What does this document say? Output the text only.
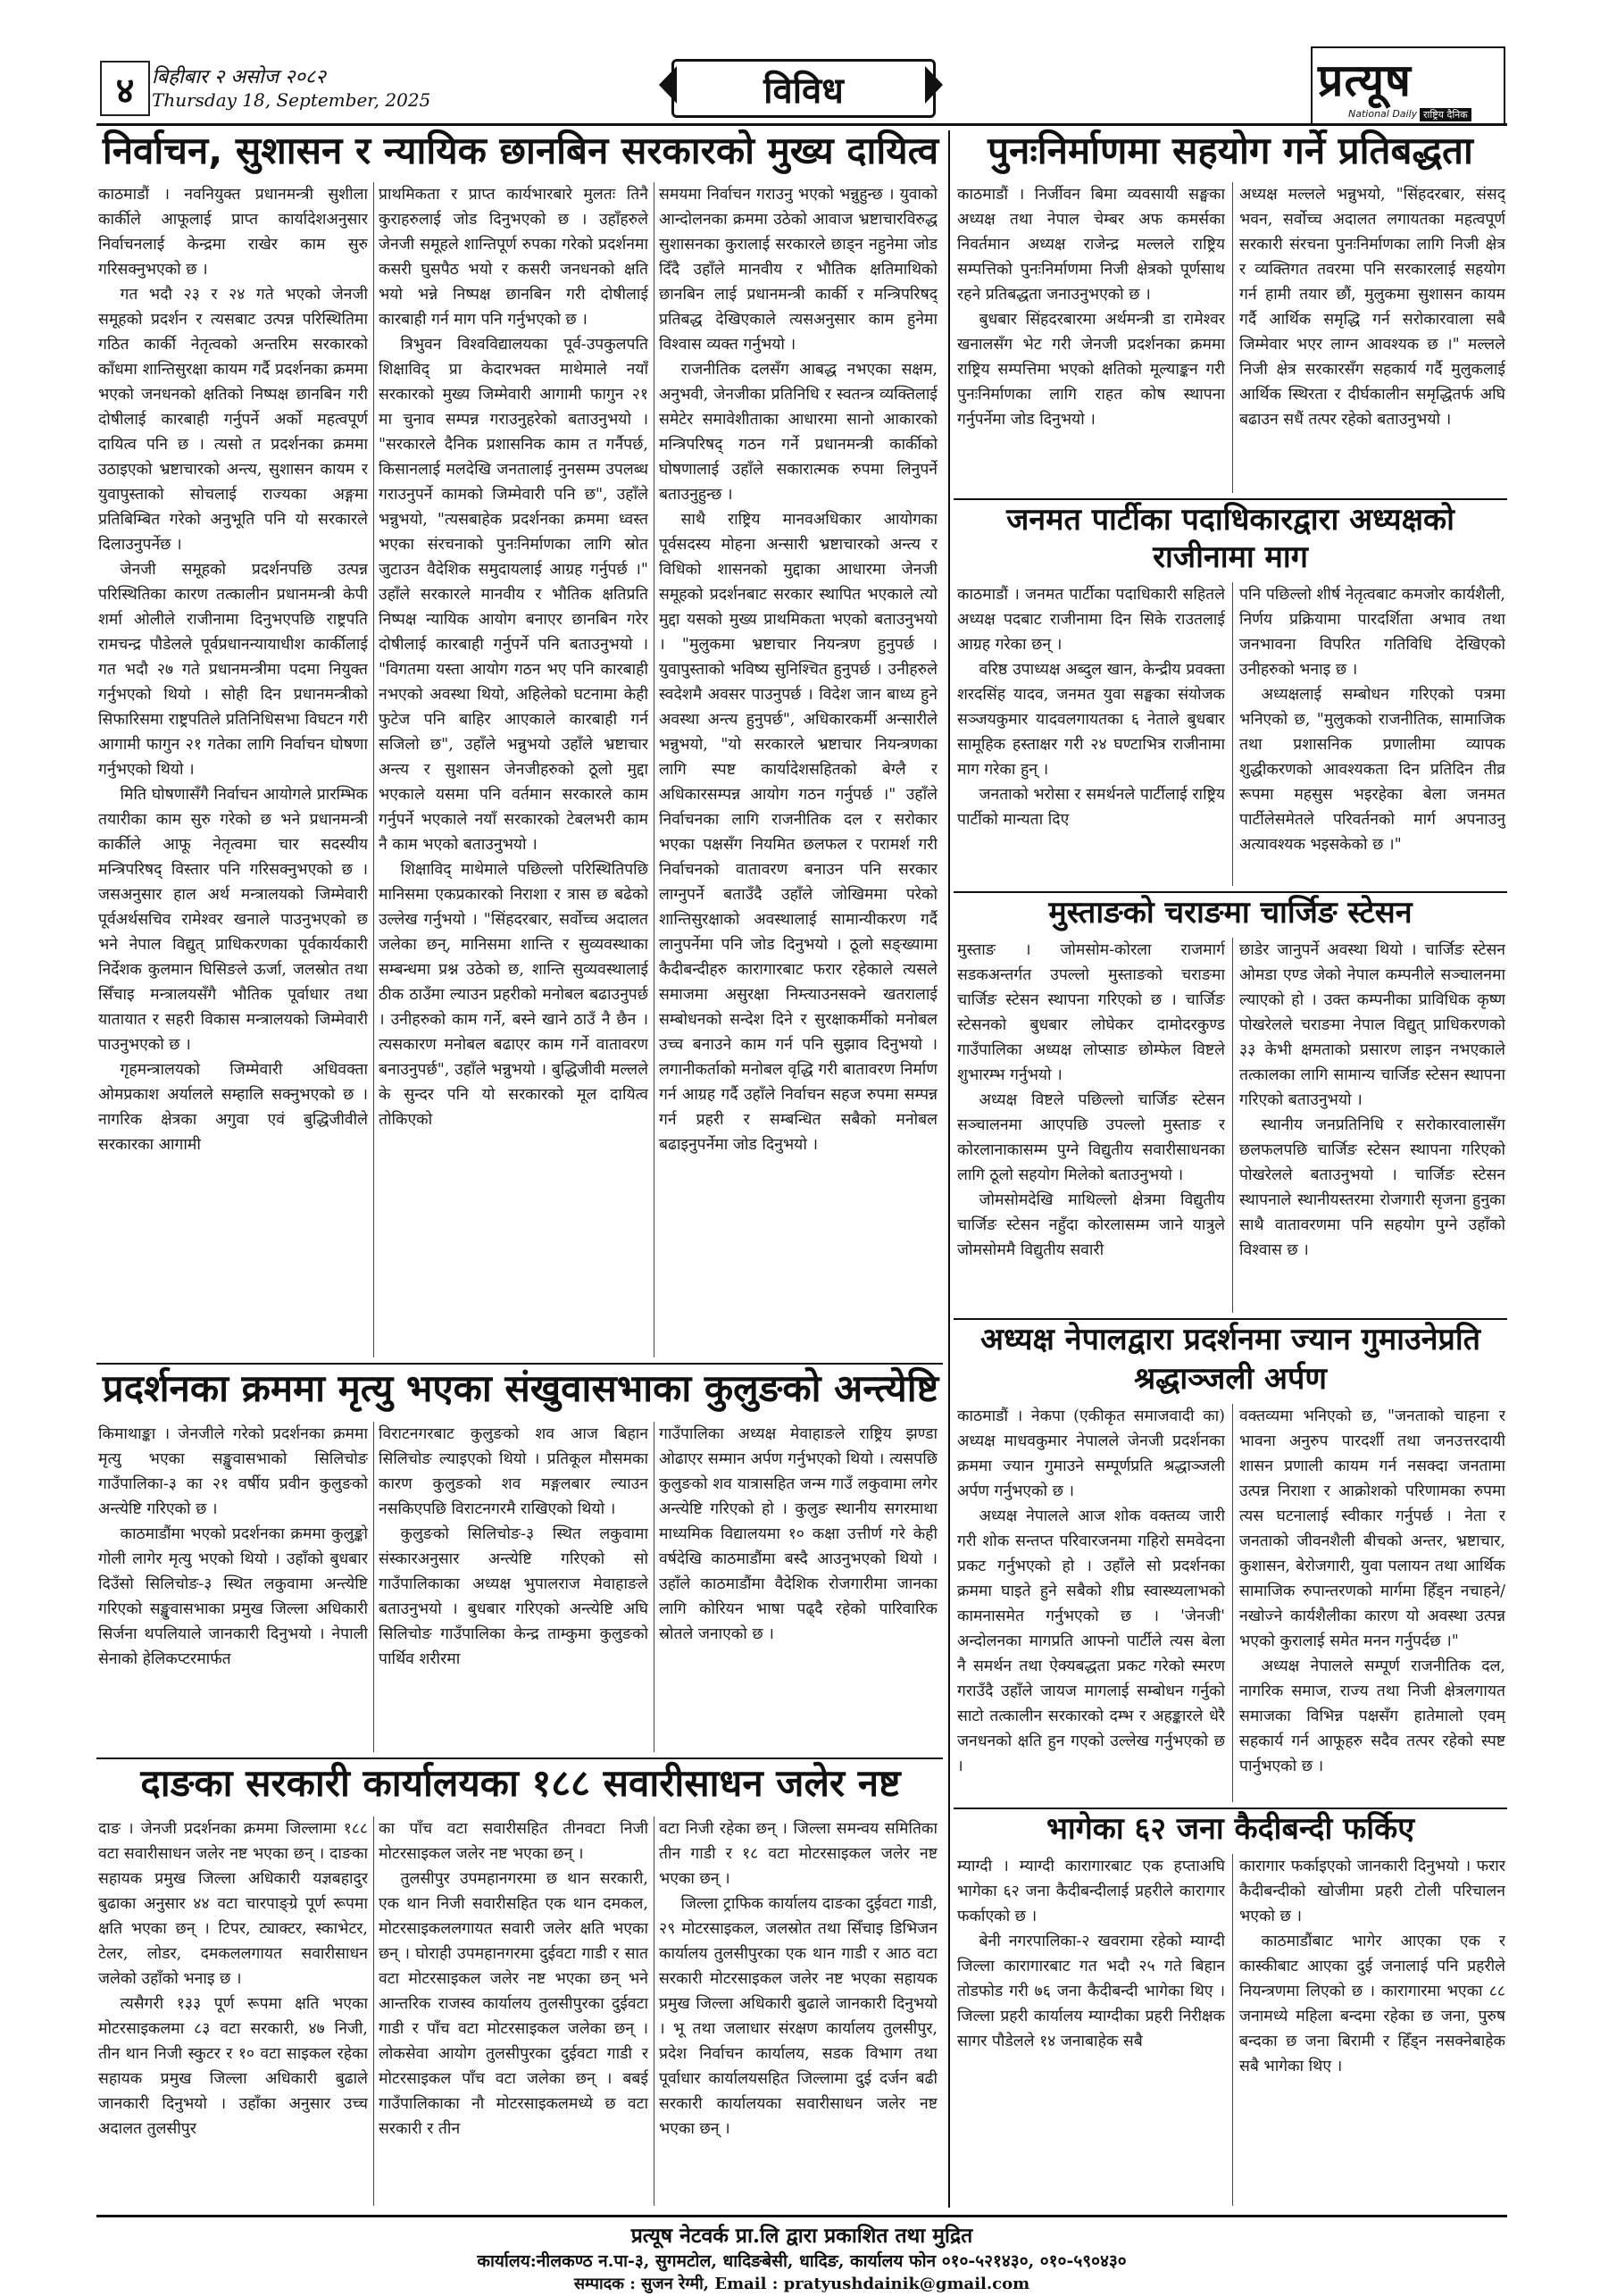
४ बिहीबार २ असोज २०८२
Thursday 18, September, 2025	विविध	प्रत्यूष
National Daily राष्ट्रिय दैनिक
निर्वाचन, सुशासन र न्यायिक छानबिन सरकारको मुख्य दायित्व

काठमाडौं । नवनियुक्त प्रधानमन्त्री सुशीला कार्कीले आफूलाई प्राप्त कार्यादेशअनुसार निर्वाचनलाई केन्द्रमा राखेर काम सुरु गरिसक्नुभएको छ ।

गत भदौ २३ र २४ गते भएको जेनजी समूहको प्रदर्शन र त्यसबाट उत्पन्न परिस्थितिमा गठित कार्की नेतृत्वको अन्तरिम सरकारको काँधमा शान्तिसुरक्षा कायम गर्दै प्रदर्शनका क्रममा भएको जनधनको क्षतिको निष्पक्ष छानबिन गरी दोषीलाई कारबाही गर्नुपर्ने अर्को महत्वपूर्ण दायित्व पनि छ । त्यसो त प्रदर्शनका क्रममा उठाइएको भ्रष्टाचारको अन्त्य, सुशासन कायम र युवापुस्ताको सोचलाई राज्यका अङ्गमा प्रतिबिम्बित गरेको अनुभूति पनि यो सरकारले दिलाउनुपर्नेछ ।

जेनजी समूहको प्रदर्शनपछि उत्पन्न परिस्थितिका कारण तत्कालीन प्रधानमन्त्री केपी शर्मा ओलीले राजीनामा दिनुभएपछि राष्ट्रपति रामचन्द्र पौडेलले पूर्वप्रधानन्यायाधीश कार्कीलाई गत भदौ २७ गते प्रधानमन्त्रीमा पदमा नियुक्त गर्नुभएको थियो । सोही दिन प्रधानमन्त्रीको सिफारिसमा राष्ट्रपतिले प्रतिनिधिसभा विघटन गरी आगामी फागुन २१ गतेका लागि निर्वाचन घोषणा गर्नुभएको थियो ।

मिति घोषणासँगै निर्वाचन आयोगले प्रारम्भिक तयारीका काम सुरु गरेको छ भने प्रधानमन्त्री कार्कीले आफू नेतृत्वमा चार सदस्यीय मन्त्रिपरिषद् विस्तार पनि गरिसक्नुभएको छ । जसअनुसार हाल अर्थ मन्त्रालयको जिम्मेवारी पूर्वअर्थसचिव रामेश्वर खनाले पाउनुभएको छ भने नेपाल विद्युत् प्राधिकरणका पूर्वकार्यकारी निर्देशक कुलमान घिसिङले ऊर्जा, जलस्रोत तथा सिँचाइ मन्त्रालयसँगै भौतिक पूर्वाधार तथा यातायात र सहरी विकास मन्त्रालयको जिम्मेवारी पाउनुभएको छ ।

गृहमन्त्रालयको जिम्मेवारी अधिवक्ता ओमप्रकाश अर्यालले सम्हालि सक्नुभएको छ । नागरिक क्षेत्रका अगुवा एवं बुद्धिजीवीले सरकारका आगामी

प्राथमिकता र प्राप्त कार्यभारबारे मुलतः तिनै कुराहरुलाई जोड दिनुभएको छ । उहाँहरुले जेनजी समूहले शान्तिपूर्ण रुपका गरेको प्रदर्शनमा कसरी घुसपैठ भयो र कसरी जनधनको क्षति भयो भन्ने निष्पक्ष छानबिन गरी दोषीलाई कारबाही गर्न माग पनि गर्नुभएको छ ।

त्रिभुवन विश्वविद्यालयका पूर्व-उपकुलपति शिक्षाविद् प्रा केदारभक्त माथेमाले नयाँ सरकारको मुख्य जिम्मेवारी आगामी फागुन २१ मा चुनाव सम्पन्न गराउनुहरेको बताउनुभयो । "सरकारले दैनिक प्रशासनिक काम त गर्नैपर्छ, किसानलाई मलदेखि जनतालाई नुनसम्म उपलब्ध गराउनुपर्ने कामको जिम्मेवारी पनि छ", उहाँले भन्नुभयो, "त्यसबाहेक प्रदर्शनका क्रममा ध्वस्त भएका संरचनाको पुनःनिर्माणका लागि स्रोत जुटाउन वैदेशिक समुदायलाई आग्रह गर्नुपर्छ ।" उहाँले सरकारले मानवीय र भौतिक क्षतिप्रति निष्पक्ष न्यायिक आयोग बनाएर छानबिन गरेर दोषीलाई कारबाही गर्नुपर्ने पनि बताउनुभयो । "विगतमा यस्ता आयोग गठन भए पनि कारबाही नभएको अवस्था थियो, अहिलेको घटनामा केही फुटेज पनि बाहिर आएकाले कारबाही गर्न सजिलो छ", उहाँले भन्नुभयो उहाँले भ्रष्टाचार अन्त्य र सुशासन जेनजीहरुको ठूलो मुद्दा भएकाले यसमा पनि वर्तमान सरकारले काम गर्नुपर्ने भएकाले नयाँ सरकारको टेबलभरी काम नै काम भएको बताउनुभयो ।

शिक्षाविद् माथेमाले पछिल्लो परिस्थितिपछि मानिसमा एकप्रकारको निराशा र त्रास छ बढेको उल्लेख गर्नुभयो । "सिंहदरबार, सर्वोच्च अदालत जलेका छन्, मानिसमा शान्ति र सुव्यवस्थाका सम्बन्धमा प्रश्न उठेको छ, शान्ति सुव्यवस्थालाई ठीक ठाउँमा ल्याउन प्रहरीको मनोबल बढाउनुपर्छ । उनीहरुको काम गर्ने, बस्ने खाने ठाउँ नै छैन । त्यसकारण मनोबल बढाएर काम गर्ने वातावरण बनाउनुपर्छ", उहाँले भन्नुभयो । बुद्धिजीवी मल्लले के सुन्दर पनि यो सरकारको मूल दायित्व तोकिएको

समयमा निर्वाचन गराउनु भएको भन्नुहुन्छ । युवाको आन्दोलनका क्रममा उठेको आवाज भ्रष्टाचारविरुद्ध सुशासनका कुरालाई सरकारले छाड्न नहुनेमा जोड दिँदै उहाँले मानवीय र भौतिक क्षतिमाथिको छानबिन लाई प्रधानमन्त्री कार्की र मन्त्रिपरिषद् प्रतिबद्ध देखिएकाले त्यसअनुसार काम हुनेमा विश्वास व्यक्त गर्नुभयो ।

राजनीतिक दलसँग आबद्ध नभएका सक्षम, अनुभवी, जेनजीका प्रतिनिधि र स्वतन्त्र व्यक्तिलाई समेटेर समावेशीताका आधारमा सानो आकारको मन्त्रिपरिषद् गठन गर्ने प्रधानमन्त्री कार्कीको घोषणालाई उहाँले सकारात्मक रुपमा लिनुपर्ने बताउनुहुन्छ ।

साथै राष्ट्रिय मानवअधिकार आयोगका पूर्वसदस्य मोहना अन्सारी भ्रष्टाचारको अन्त्य र विधिको शासनको मुद्दाका आधारमा जेनजी समूहको प्रदर्शनबाट सरकार स्थापित भएकाले त्यो मुद्दा यसको मुख्य प्राथमिकता भएको बताउनुभयो । "मुलुकमा भ्रष्टाचार नियन्त्रण हुनुपर्छ । युवापुस्ताको भविष्य सुनिश्चित हुनुपर्छ । उनीहरुले स्वदेशमै अवसर पाउनुपर्छ । विदेश जान बाध्य हुने अवस्था अन्त्य हुनुपर्छ", अधिकारकर्मी अन्सारीले भन्नुभयो, "यो सरकारले भ्रष्टाचार नियन्त्रणका लागि स्पष्ट कार्यादेशसहितको बेग्लै र अधिकारसम्पन्न आयोग गठन गर्नुपर्छ ।" उहाँले निर्वाचनका लागि राजनीतिक दल र सरोकार भएका पक्षसँग नियमित छलफल र परामर्श गरी निर्वाचनको वातावरण बनाउन पनि सरकार लाग्नुपर्ने बताउँदै उहाँले जोखिममा परेको शान्तिसुरक्षाको अवस्थालाई सामान्यीकरण गर्दै लानुपर्नेमा पनि जोड दिनुभयो । ठूलो सङ्ख्यामा कैदीबन्दीहरु कारागारबाट फरार रहेकाले त्यसले समाजमा असुरक्षा निम्त्याउनसक्ने खतरालाई सम्बोधनको सन्देश दिने र सुरक्षाकर्मीको मनोबल उच्च बनाउने काम गर्न पनि सुझाव दिनुभयो । लगानीकर्ताको मनोबल वृद्धि गरी बातावरण निर्माण गर्न आग्रह गर्दै उहाँले निर्वाचन सहज रुपमा सम्पन्न गर्न प्रहरी र सम्बन्धित सबैको मनोबल बढाइनुपर्नेमा जोड दिनुभयो ।

प्रदर्शनका क्रममा मृत्यु भएका संखुवासभाका कुलुङको अन्त्येष्टि

किमाथाङ्का । जेनजीले गरेको प्रदर्शनका क्रममा मृत्यु भएका सङ्खुवासभाको सिलिचोङ गाउँपालिका-३ का २१ वर्षीय प्रवीन कुलुङको अन्त्येष्टि गरिएको छ ।

काठमाडौंमा भएको प्रदर्शनका क्रममा कुलुङ्को गोली लागेर मृत्यु भएको थियो । उहाँको बुधबार दिउँसो सिलिचोङ-३ स्थित लकुवामा अन्त्येष्टि गरिएको सङ्खुवासभाका प्रमुख जिल्ला अधिकारी सिर्जना थपलियाले जानकारी दिनुभयो । नेपाली सेनाको हेलिकप्टरमार्फत

विराटनगरबाट कुलुङको शव आज बिहान सिलिचोङ ल्याइएको थियो । प्रतिकूल मौसमका कारण कुलुङको शव मङ्गलबार ल्याउन नसकिएपछि विराटनगरमै राखिएको थियो ।

कुलुङको सिलिचोङ-३ स्थित लकुवामा संस्कारअनुसार अन्त्येष्टि गरिएको सो गाउँपालिकाका अध्यक्ष भुपालराज मेवाहाङले बताउनुभयो । बुधबार गरिएको अन्त्येष्टि अघि सिलिचोङ गाउँपालिका केन्द्र ताम्कुमा कुलुङको पार्थिव शरीरमा

गाउँपालिका अध्यक्ष मेवाहाङले राष्ट्रिय झण्डा ओढाएर सम्मान अर्पण गर्नुभएको थियो । त्यसपछि कुलुङको शव यात्रासहित जन्म गाउँ लकुवामा लगेर अन्त्येष्टि गरिएको हो । कुलुङ स्थानीय सगरमाथा माध्यमिक विद्यालयमा १० कक्षा उत्तीर्ण गरे केही वर्षदेखि काठमाडौंमा बस्दै आउनुभएको थियो । उहाँले काठमाडौंमा वैदेशिक रोजगारीमा जानका लागि कोरियन भाषा पढ्दै रहेको पारिवारिक स्रोतले जनाएको छ ।

दाङका सरकारी कार्यालयका १८८ सवारीसाधन जलेर नष्ट

दाङ । जेनजी प्रदर्शनका क्रममा जिल्लामा १८८ वटा सवारीसाधन जलेर नष्ट भएका छन् । दाङका सहायक प्रमुख जिल्ला अधिकारी यज्ञबहादुर बुढाका अनुसार ४४ वटा चारपाङ्ग्रे पूर्ण रूपमा क्षति भएका छन् । टिपर, ट्याक्टर, स्काभेटर, टेलर, लोडर, दमकललगायत सवारीसाधन जलेको उहाँको भनाइ छ ।

त्यसैगरी १३३ पूर्ण रूपमा क्षति भएका मोटरसाइकलमा ८३ वटा सरकारी, ४७ निजी, तीन थान निजी स्कुटर र १० वटा साइकल रहेका सहायक प्रमुख जिल्ला अधिकारी बुढाले जानकारी दिनुभयो । उहाँका अनुसार उच्च अदालत तुलसीपुर

का पाँच वटा सवारीसहित तीनवटा निजी मोटरसाइकल जलेर नष्ट भएका छन् ।

तुलसीपुर उपमहानगरमा छ थान सरकारी, एक थान निजी सवारीसहित एक थान दमकल, मोटरसाइकललगायत सवारी जलेर क्षति भएका छन् । घोराही उपमहानगरमा दुईवटा गाडी र सात वटा मोटरसाइकल जलेर नष्ट भएका छन् भने आन्तरिक राजस्व कार्यालय तुलसीपुरका दुईवटा गाडी र पाँच वटा मोटरसाइकल जलेका छन् । लोकसेवा आयोग तुलसीपुरका दुईवटा गाडी र मोटरसाइकल पाँच वटा जलेका छन् । बबई गाउँपालिकाका नौ मोटरसाइकलमध्ये छ वटा सरकारी र तीन

वटा निजी रहेका छन् । जिल्ला समन्वय समितिका तीन गाडी र १८ वटा मोटरसाइकल जलेर नष्ट भएका छन् ।

जिल्ला ट्राफिक कार्यालय दाङका दुईवटा गाडी, २९ मोटरसाइकल, जलस्रोत तथा सिँचाइ डिभिजन कार्यालय तुलसीपुरका एक थान गाडी र आठ वटा सरकारी मोटरसाइकल जलेर नष्ट भएका सहायक प्रमुख जिल्ला अधिकारी बुढाले जानकारी दिनुभयो । भू तथा जलाधार संरक्षण कार्यालय तुलसीपुर, प्रदेश निर्वाचन कार्यालय, सडक विभाग तथा पूर्वाधार कार्यालयसहित जिल्लामा दुई दर्जन बढी सरकारी कार्यालयका सवारीसाधन जलेर नष्ट भएका छन् ।

पुनःनिर्माणमा सहयोग गर्ने प्रतिबद्धता

काठमाडौं । निर्जीवन बिमा व्यवसायी सङ्घका अध्यक्ष तथा नेपाल चेम्बर अफ कमर्सका निवर्तमान अध्यक्ष राजेन्द्र मल्लले राष्ट्रिय सम्पत्तिको पुनःनिर्माणमा निजी क्षेत्रको पूर्णसाथ रहने प्रतिबद्धता जनाउनुभएको छ ।

बुधबार सिंहदरबारमा अर्थमन्त्री डा रामेश्वर खनालसँग भेट गरी जेनजी प्रदर्शनका क्रममा राष्ट्रिय सम्पत्तिमा भएको क्षतिको मूल्याङ्कन गरी पुनःनिर्माणका लागि राहत कोष स्थापना गर्नुपर्नेमा जोड दिनुभयो ।

अध्यक्ष मल्लले भन्नुभयो, "सिंहदरबार, संसद् भवन, सर्वोच्च अदालत लगायतका महत्वपूर्ण सरकारी संरचना पुनःनिर्माणका लागि निजी क्षेत्र र व्यक्तिगत तवरमा पनि सरकारलाई सहयोग गर्न हामी तयार छौं, मुलुकमा सुशासन कायम गर्दै आर्थिक समृद्धि गर्न सरोकारवाला सबै जिम्मेवार भएर लाग्न आवश्यक छ ।" मल्लले निजी क्षेत्र सरकारसँग सहकार्य गर्दै मुलुकलाई आर्थिक स्थिरता र दीर्घकालीन समृद्धितर्फ अघि बढाउन सधैं तत्पर रहेको बताउनुभयो ।

जनमत पार्टीका पदाधिकारद्वारा अध्यक्षको
राजीनामा माग

काठमाडौं । जनमत पार्टीका पदाधिकारी सहितले अध्यक्ष पदबाट राजीनामा दिन सिके राउतलाई आग्रह गरेका छन् ।

वरिष्ठ उपाध्यक्ष अब्दुल खान, केन्द्रीय प्रवक्ता शरदसिंह यादव, जनमत युवा सङ्घका संयोजक सञ्जयकुमार यादवलगायतका ६ नेताले बुधबार सामूहिक हस्ताक्षर गरी २४ घण्टाभित्र राजीनामा माग गरेका हुन् ।

जनताको भरोसा र समर्थनले पार्टीलाई राष्ट्रिय पार्टीको मान्यता दिए

पनि पछिल्लो शीर्ष नेतृत्वबाट कमजोर कार्यशैली, निर्णय प्रक्रियामा पारदर्शिता अभाव तथा जनभावना विपरित गतिविधि देखिएको उनीहरुको भनाइ छ ।

अध्यक्षलाई सम्बोधन गरिएको पत्रमा भनिएको छ, "मुलुकको राजनीतिक, सामाजिक तथा प्रशासनिक प्रणालीमा व्यापक शुद्धीकरणको आवश्यकता दिन प्रतिदिन तीव्र रूपमा महसुस भइरहेका बेला जनमत पार्टीलेसमेतले परिवर्तनको मार्ग अपनाउनु अत्यावश्यक भइसकेको छ ।"

मुस्ताङको चराङमा चार्जिङ स्टेसन

मुस्ताङ । जोमसोम-कोरला राजमार्ग सडकअन्तर्गत उपल्लो मुस्ताङको चराङमा चार्जिङ स्टेसन स्थापना गरिएको छ । चार्जिङ स्टेसनको बुधबार लोघेकर दामोदरकुण्ड गाउँपालिका अध्यक्ष लोप्साङ छोम्फेल विष्टले शुभारम्भ गर्नुभयो ।

अध्यक्ष विष्टले पछिल्लो चार्जिङ स्टेसन सञ्चालनमा आएपछि उपल्लो मुस्ताङ र कोरलानाकासम्म पुग्ने विद्युतीय सवारीसाधनका लागि ठूलो सहयोग मिलेको बताउनुभयो ।

जोमसोमदेखि माथिल्लो क्षेत्रमा विद्युतीय चार्जिङ स्टेसन नहुँदा कोरलासम्म जाने यात्रुले जोमसोममै विद्युतीय सवारी

छाडेर जानुपर्ने अवस्था थियो । चार्जिङ स्टेसन ओमडा एण्ड जेको नेपाल कम्पनीले सञ्चालनमा ल्याएको हो । उक्त कम्पनीका प्राविधिक कृष्ण पोखरेलले चराङमा नेपाल विद्युत् प्राधिकरणको ३३ केभी क्षमताको प्रसारण लाइन नभएकाले तत्कालका लागि सामान्य चार्जिङ स्टेसन स्थापना गरिएको बताउनुभयो ।

स्थानीय जनप्रतिनिधि र सरोकारवालासँग छलफलपछि चार्जिङ स्टेसन स्थापना गरिएको पोखरेलले बताउनुभयो । चार्जिङ स्टेसन स्थापनाले स्थानीयस्तरमा रोजगारी सृजना हुनुका साथै वातावरणमा पनि सहयोग पुग्ने उहाँको विश्वास छ ।

अध्यक्ष नेपालद्वारा प्रदर्शनमा ज्यान गुमाउनेप्रति
श्रद्धाञ्जली अर्पण

काठमाडौं । नेकपा (एकीकृत समाजवादी का) अध्यक्ष माधवकुमार नेपालले जेनजी प्रदर्शनका क्रममा ज्यान गुमाउने सम्पूर्णप्रति श्रद्धाञ्जली अर्पण गर्नुभएको छ ।

अध्यक्ष नेपालले आज शोक वक्तव्य जारी गरी शोक सन्तप्त परिवारजनमा गहिरो समवेदना प्रकट गर्नुभएको हो । उहाँले सो प्रदर्शनका क्रममा घाइते हुने सबैको शीघ्र स्वास्थ्यलाभको कामनासमेत गर्नुभएको छ । 'जेनजी' अन्दोलनका मागप्रति आफ्नो पार्टीले त्यस बेला नै समर्थन तथा ऐक्यबद्धता प्रकट गरेको स्मरण गराउँदै उहाँले जायज मागलाई सम्बोधन गर्नुको साटो तत्कालीन सरकारको दम्भ र अहङ्कारले धेरै जनधनको क्षति हुन गएको उल्लेख गर्नुभएको छ ।

वक्तव्यमा भनिएको छ, "जनताको चाहना र भावना अनुरुप पारदर्शी तथा जनउत्तरदायी शासन प्रणाली कायम गर्न नसक्दा जनतामा उत्पन्न निराशा र आक्रोशको परिणामका रुपमा त्यस घटनालाई स्वीकार गर्नुपर्छ । नेता र जनताको जीवनशैली बीचको अन्तर, भ्रष्टाचार, कुशासन, बेरोजगारी, युवा पलायन तथा आर्थिक सामाजिक रुपान्तरणको मार्गमा हिँड्न नचाहने/नखोज्ने कार्यशैलीका कारण यो अवस्था उत्पन्न भएको कुरालाई समेत मनन गर्नुपर्दछ ।"

अध्यक्ष नेपालले सम्पूर्ण राजनीतिक दल, नागरिक समाज, राज्य तथा निजी क्षेत्रलगायत समाजका विभिन्न पक्षसँग हातेमालो एवम् सहकार्य गर्न आफूहरु सदैव तत्पर रहेको स्पष्ट पार्नुभएको छ ।

भागेका ६२ जना कैदीबन्दी फर्किए

म्याग्दी । म्याग्दी कारागारबाट एक हप्ताअघि भागेका ६२ जना कैदीबन्दीलाई प्रहरीले कारागार फर्काएको छ ।

बेनी नगरपालिका-२ खवरामा रहेको म्याग्दी जिल्ला कारागारबाट गत भदौ २५ गते बिहान तोडफोड गरी ७६ जना कैदीबन्दी भागेका थिए । जिल्ला प्रहरी कार्यालय म्याग्दीका प्रहरी निरीक्षक सागर पौडेलले १४ जनाबाहेक सबै

कारागार फर्काइएको जानकारी दिनुभयो । फरार कैदीबन्दीको खोजीमा प्रहरी टोली परिचालन भएको छ ।

काठमाडौंबाट भागेर आएका एक र कास्कीबाट आएका दुई जनालाई पनि प्रहरीले नियन्त्रणमा लिएको छ । कारागारमा भएका ८८ जनामध्ये महिला बन्दमा रहेका छ जना, पुरुष बन्दका छ जना बिरामी र हिँड्न नसक्नेबाहेक सबै भागेका थिए ।

प्रत्यूष नेटवर्क प्रा.लि द्वारा प्रकाशित तथा मुद्रित
कार्यालय:नीलकण्ठ न.पा-३, सुगमटोल, धादिङबेसी, धादिङ, कार्यालय फोन ०१०-५२१४३०, ०१०-५९०४३०
सम्पादक : सुजन रेग्मी, Email : pratyushdainik@gmail.com
